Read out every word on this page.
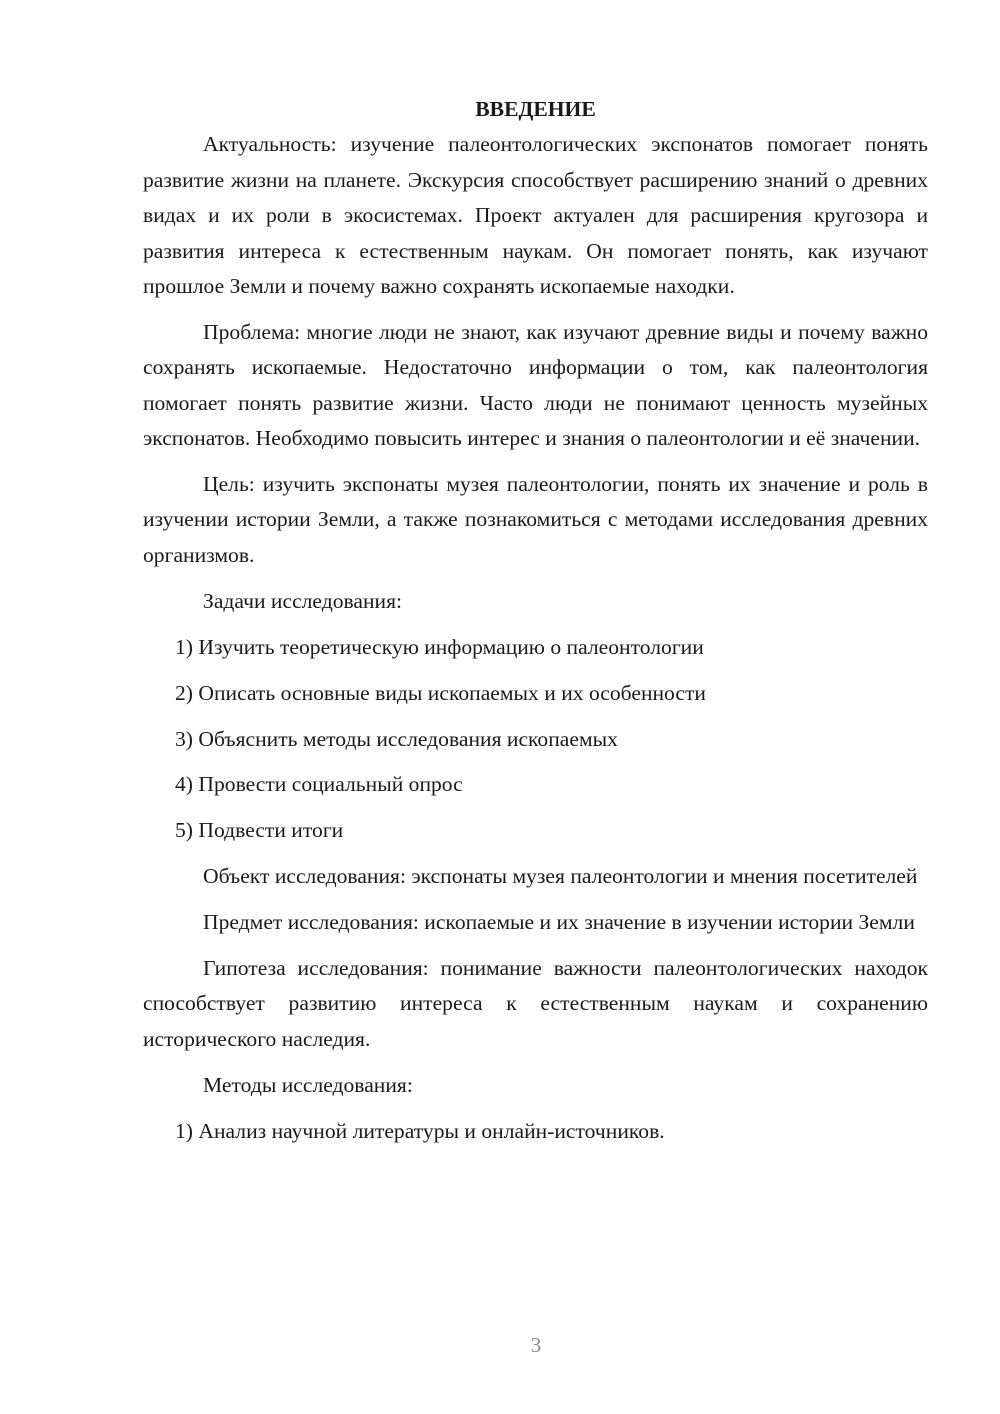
ВВЕДЕНИЕ

Актуальность: изучение палеонтологических экспонатов помогает понять развитие жизни на планете. Экскурсия способствует расширению знаний о древних видах и их роли в экосистемах. Проект актуален для расширения кругозора и развития интереса к естественным наукам. Он помогает понять, как изучают прошлое Земли и почему важно сохранять ископаемые находки.

Проблема: многие люди не знают, как изучают древние виды и почему важно сохранять ископаемые. Недостаточно информации о том, как палеонтология помогает понять развитие жизни. Часто люди не понимают ценность музейных экспонатов. Необходимо повысить интерес и знания о палеонтологии и её значении.

Цель: изучить экспонаты музея палеонтологии, понять их значение и роль в изучении истории Земли, а также познакомиться с методами исследования древних организмов.

Задачи исследования:

1) Изучить теоретическую информацию о палеонтологии
2) Описать основные виды ископаемых и их особенности
3) Объяснить методы исследования ископаемых
4) Провести социальный опрос
5) Подвести итоги

Объект исследования: экспонаты музея палеонтологии и мнения посетителей

Предмет исследования: ископаемые и их значение в изучении истории Земли

Гипотеза исследования: понимание важности палеонтологических находок способствует развитию интереса к естественным наукам и сохранению исторического наследия.

Методы исследования:

1) Анализ научной литературы и онлайн-источников.
3
